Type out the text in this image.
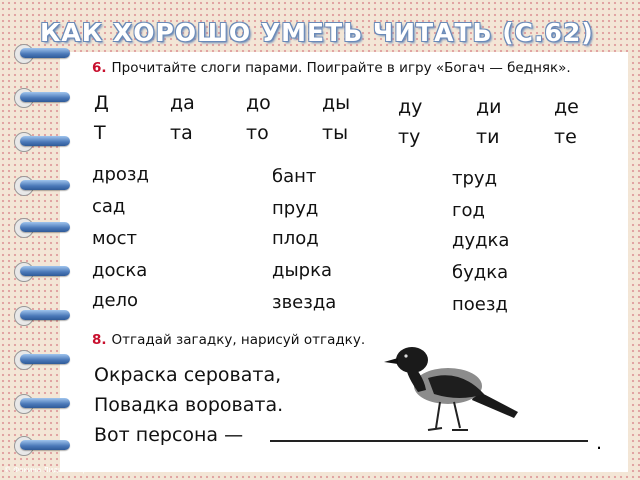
КАК ХОРОШО УМЕТЬ ЧИТАТЬ (С.62)
6. Прочитайте слоги парами. Поиграйте в игру «Богач — бедняк».
Д
Т
да
та
до
то
ды
ты
ду
ту
ди
ти
де
те
дрозд
сад
мост
доска
дело
бант
пруд
плод
дырка
звезда
труд
год
дудка
будка
поезд
8. Отгадай загадку, нарисуй отгадку.
Окраска серовата,
Повадка воровата.
Вот персона —	.
© Фокина Лидия Петровна
